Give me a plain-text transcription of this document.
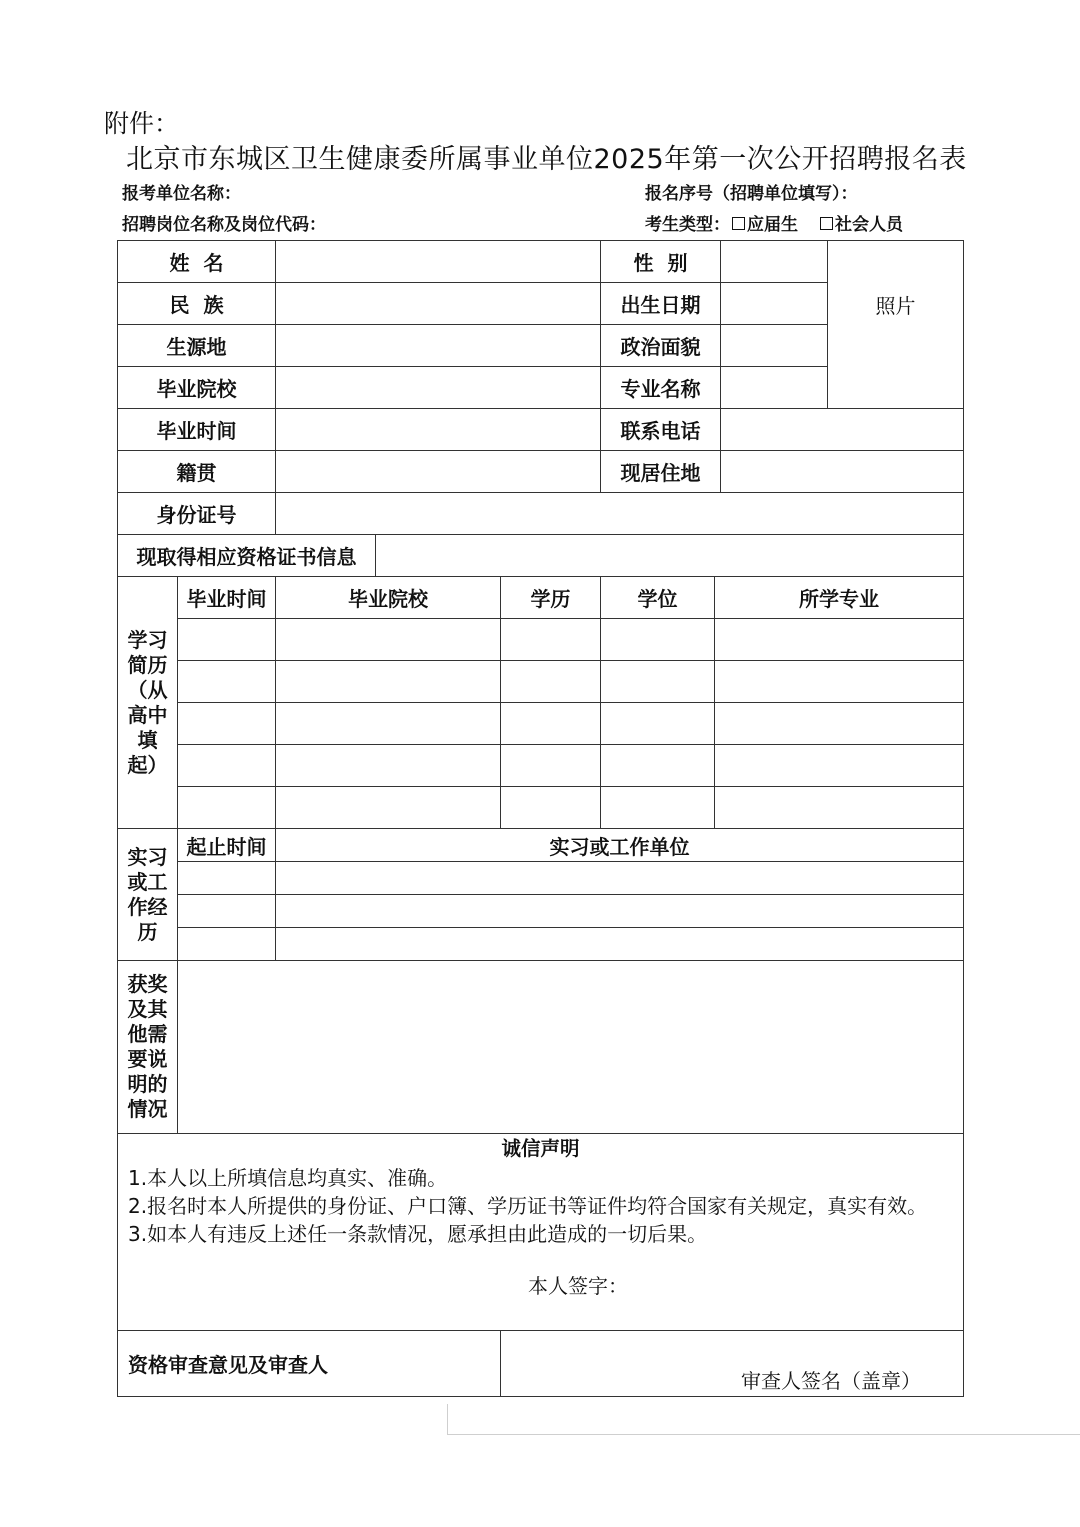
附件：
北京市东城区卫生健康委所属事业单位2025年第一次公开招聘报名表
报考单位名称：	报名序号（招聘单位填写）：
招聘岗位名称及岗位代码：	考生类型： 应届生 社会人员
姓  名					性  别			照片
民  族					出生日期			
生源地					政治面貌			
毕业院校					专业名称			
毕业时间					联系电话			
籍贯					现居住地			
身份证号								
现取得相应资格证书信息								

学习简历（从高中填起）	毕业时间	毕业院校		学历	学位	所学专业		

实习或工作经历	起止时间	实习或工作单位						

获奖及其他需要说明的情况								

诚信声明
1.本人以上所填信息均真实、准确。
2.报名时本人所提供的身份证、户口簿、学历证书等证件均符合国家有关规定，真实有效。
3.如本人有违反上述任一条款情况，愿承担由此造成的一切后果。
本人签字：								

资格审查意见及审查人				审查人签名（盖章）				
